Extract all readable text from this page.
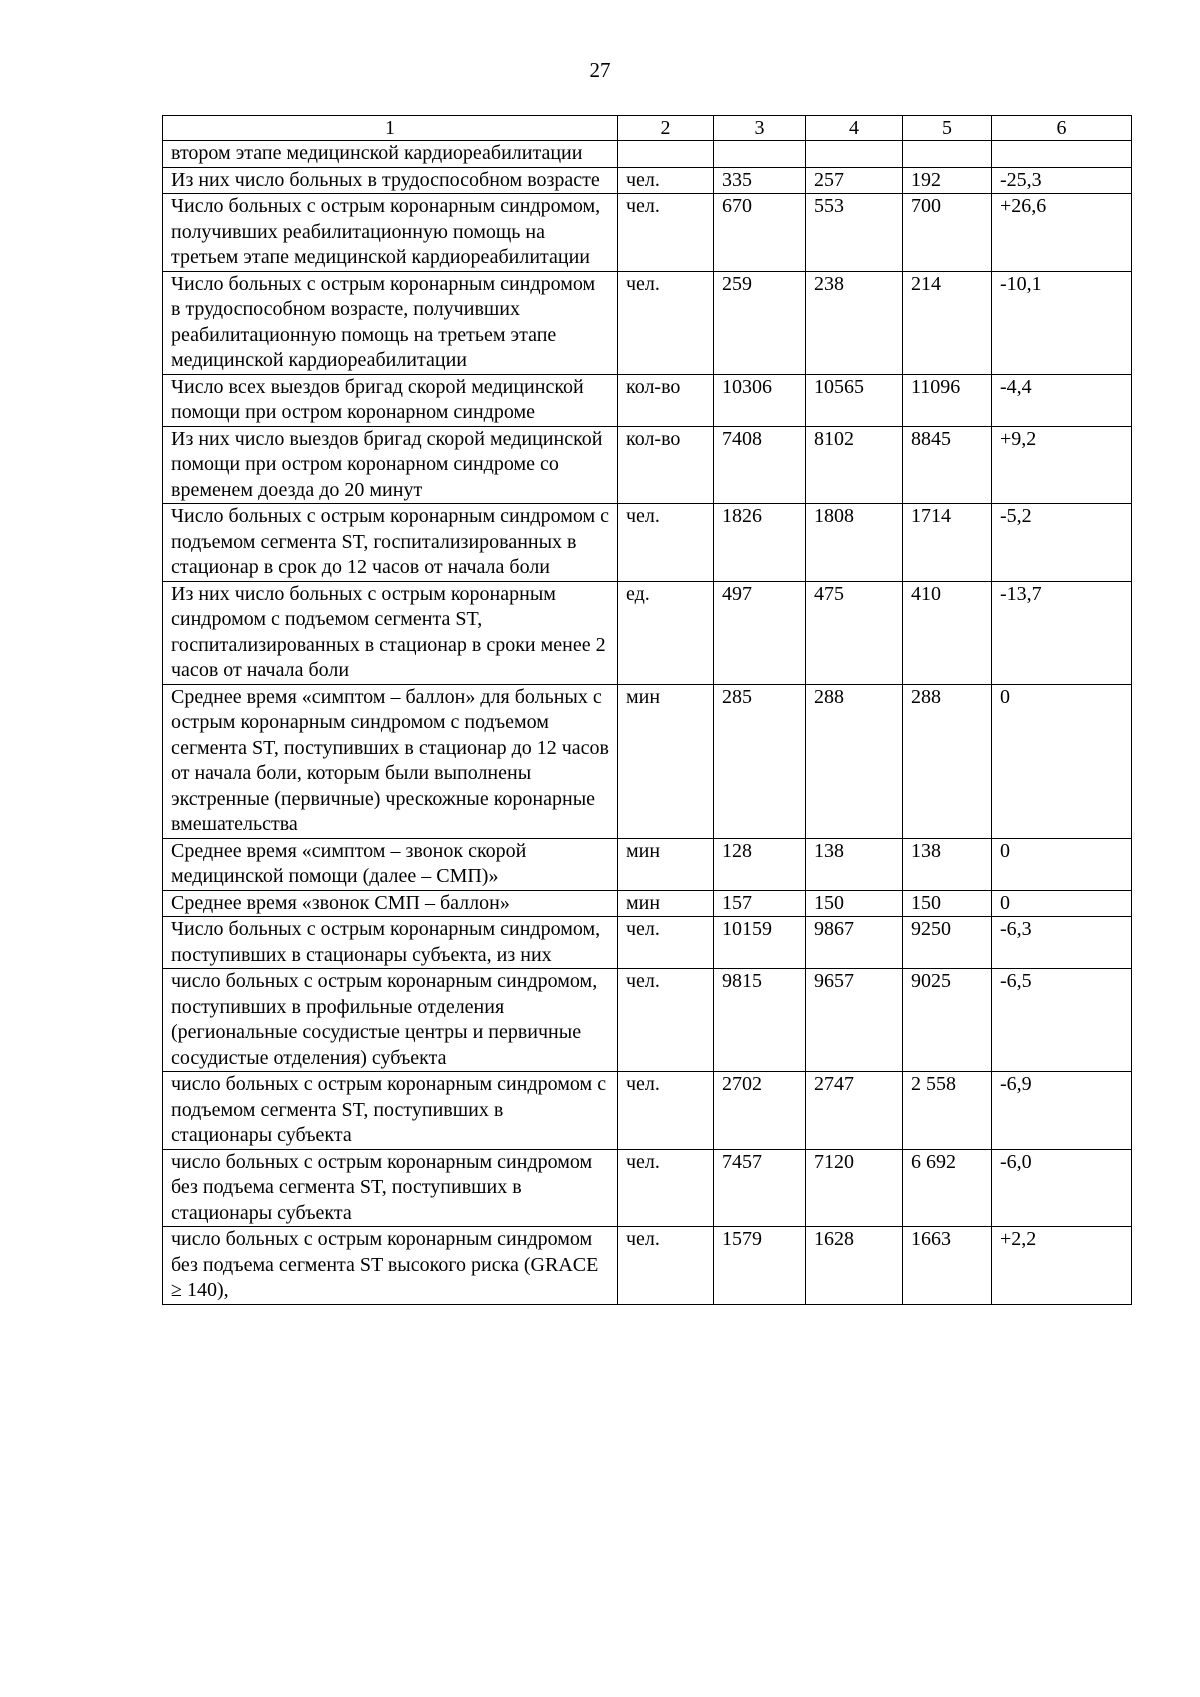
27
1	2	3	4	5	6
втором этапе медицинской кардиореабилитации					
Из них число больных в трудоспособном возрасте	чел.	335	257	192	-25,3
Число больных с острым коронарным синдромом, получивших реабилитационную помощь на третьем этапе медицинской кардиореабилитации	чел.	670	553	700	+26,6
Число больных с острым коронарным синдромом в трудоспособном возрасте, получивших реабилитационную помощь на третьем этапе медицинской кардиореабилитации	чел.	259	238	214	-10,1
Число всех выездов бригад скорой медицинской помощи при остром коронарном синдроме	кол-во	10306	10565	11096	-4,4
Из них число выездов бригад скорой медицинской помощи при остром коронарном синдроме со временем доезда до 20 минут	кол-во	7408	8102	8845	+9,2
Число больных с острым коронарным синдромом с подъемом сегмента ST, госпитализированных в стационар в срок до 12 часов от начала боли	чел.	1826	1808	1714	-5,2
Из них число больных с острым коронарным синдромом с подъемом сегмента ST, госпитализированных в стационар в сроки менее 2 часов от начала боли	ед.	497	475	410	-13,7
Среднее время «симптом – баллон» для больных с острым коронарным синдромом с подъемом сегмента ST, поступивших в стационар до 12 часов от начала боли, которым были выполнены экстренные (первичные) чрескожные коронарные вмешательства	мин	285	288	288	0
Среднее время «симптом – звонок скорой медицинской помощи (далее – СМП)»	мин	128	138	138	0
Среднее время «звонок СМП – баллон»	мин	157	150	150	0
Число больных с острым коронарным синдромом, поступивших в стационары субъекта, из них	чел.	10159	9867	9250	-6,3
число больных с острым коронарным синдромом, поступивших в профильные отделения (региональные сосудистые центры и первичные сосудистые отделения) субъекта	чел.	9815	9657	9025	-6,5
число больных с острым коронарным синдромом с подъемом сегмента ST, поступивших в стационары субъекта	чел.	2702	2747	2 558	-6,9
число больных с острым коронарным синдромом без подъема сегмента ST, поступивших в стационары субъекта	чел.	7457	7120	6 692	-6,0
число больных с острым коронарным синдромом без подъема сегмента ST высокого риска (GRACE ≥ 140),	чел.	1579	1628	1663	+2,2
